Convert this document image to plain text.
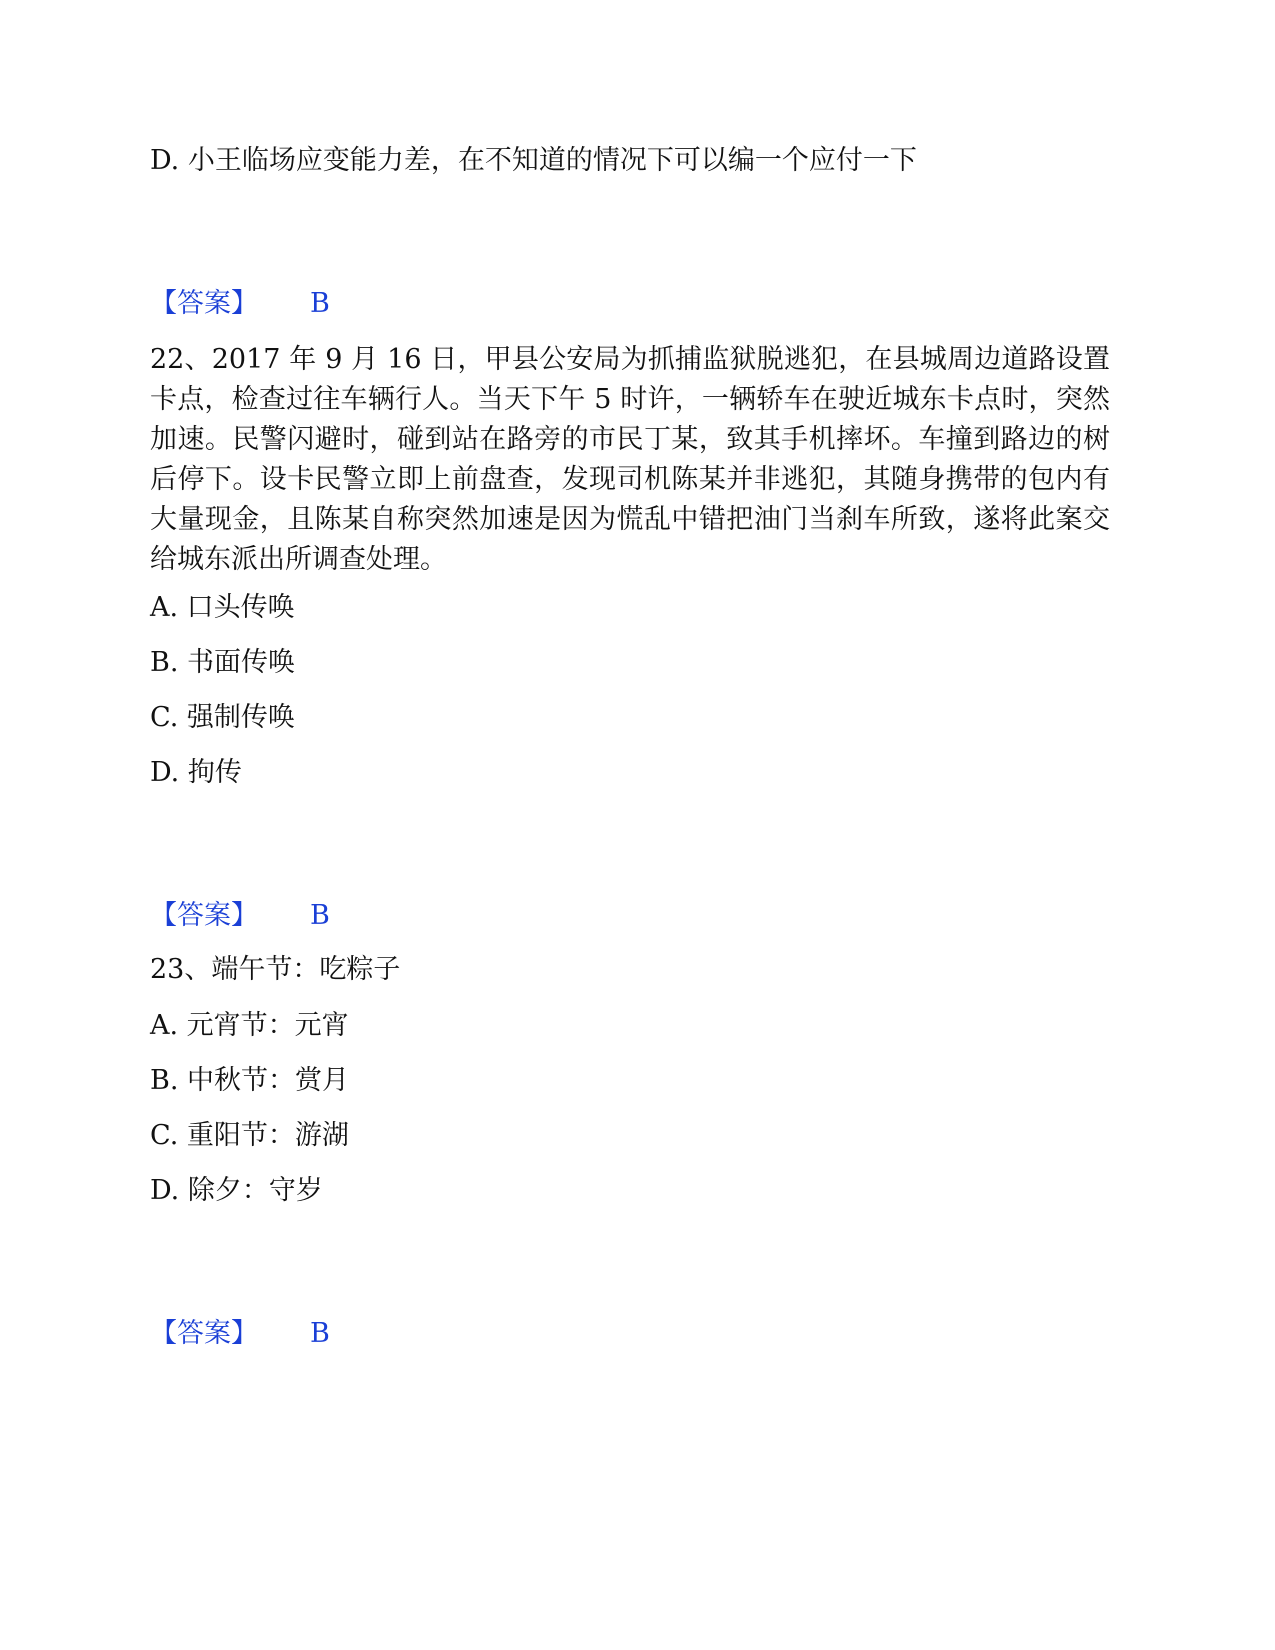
D. 小王临场应变能力差，在不知道的情况下可以编一个应付一下
【答案】 B
22、2017 年 9 月 16 日，甲县公安局为抓捕监狱脱逃犯，在县城周边道路设置卡点，检查过往车辆行人。当天下午 5 时许，一辆轿车在驶近城东卡点时，突然加速。民警闪避时，碰到站在路旁的市民丁某，致其手机摔坏。车撞到路边的树后停下。设卡民警立即上前盘查，发现司机陈某并非逃犯，其随身携带的包内有大量现金，且陈某自称突然加速是因为慌乱中错把油门当刹车所致，遂将此案交给城东派出所调查处理。
A. 口头传唤
B. 书面传唤
C. 强制传唤
D. 拘传
【答案】 B
23、端午节：吃粽子
A. 元宵节：元宵
B. 中秋节：赏月
C. 重阳节：游湖
D. 除夕：守岁
【答案】 B
